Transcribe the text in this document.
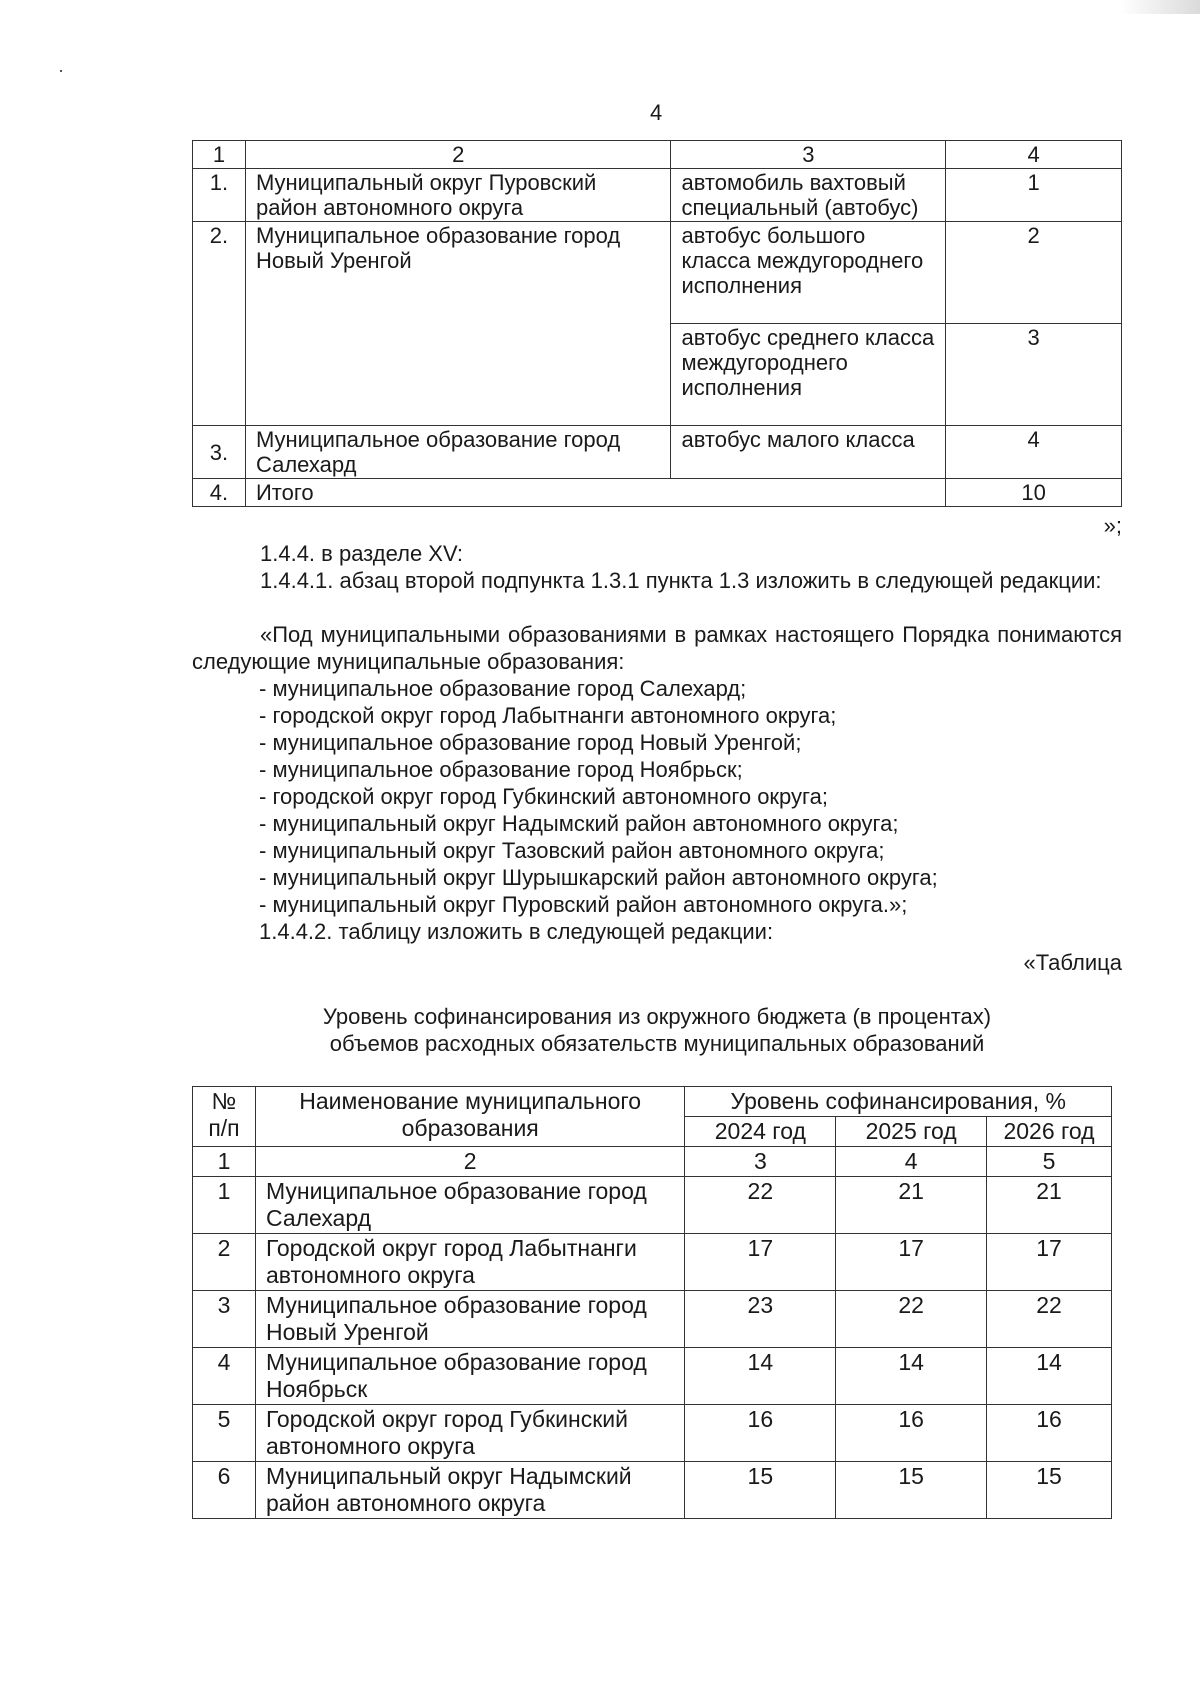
4
1	2	3	4
1.	Муниципальный округ Пуровский район автономного округа	автомобиль вахтовый специальный (автобус)	1
2.	Муниципальное образование город Новый Уренгой	автобус большого класса междугороднего исполнения	2
		автобус среднего класса междугороднего исполнения	3
3.	Муниципальное образование город Салехард	автобус малого класса	4
4.	Итого		10
»;
1.4.4. в разделе XV:
1.4.4.1. абзац второй подпункта 1.3.1 пункта 1.3 изложить в следующей редакции:
«Под муниципальными образованиями в рамках настоящего Порядка понимаются следующие муниципальные образования:
- муниципальное образование город Салехард;
- городской округ город Лабытнанги автономного округа;
- муниципальное образование город Новый Уренгой;
- муниципальное образование город Ноябрьск;
- городской округ город Губкинский автономного округа;
- муниципальный округ Надымский район автономного округа;
- муниципальный округ Тазовский район автономного округа;
- муниципальный округ Шурышкарский район автономного округа;
- муниципальный округ Пуровский район автономного округа.»;
1.4.4.2. таблицу изложить в следующей редакции:
«Таблица
Уровень софинансирования из окружного бюджета (в процентах)
объемов расходных обязательств муниципальных образований
№ п/п	Наименование муниципального образования	Уровень софинансирования, %		
		2024 год	2025 год	2026 год
1	2	3	4	5
1	Муниципальное образование город Салехард	22	21	21
2	Городской округ город Лабытнанги автономного округа	17	17	17
3	Муниципальное образование город Новый Уренгой	23	22	22
4	Муниципальное образование город Ноябрьск	14	14	14
5	Городской округ город Губкинский автономного округа	16	16	16
6	Муниципальный округ Надымский район автономного округа	15	15	15
